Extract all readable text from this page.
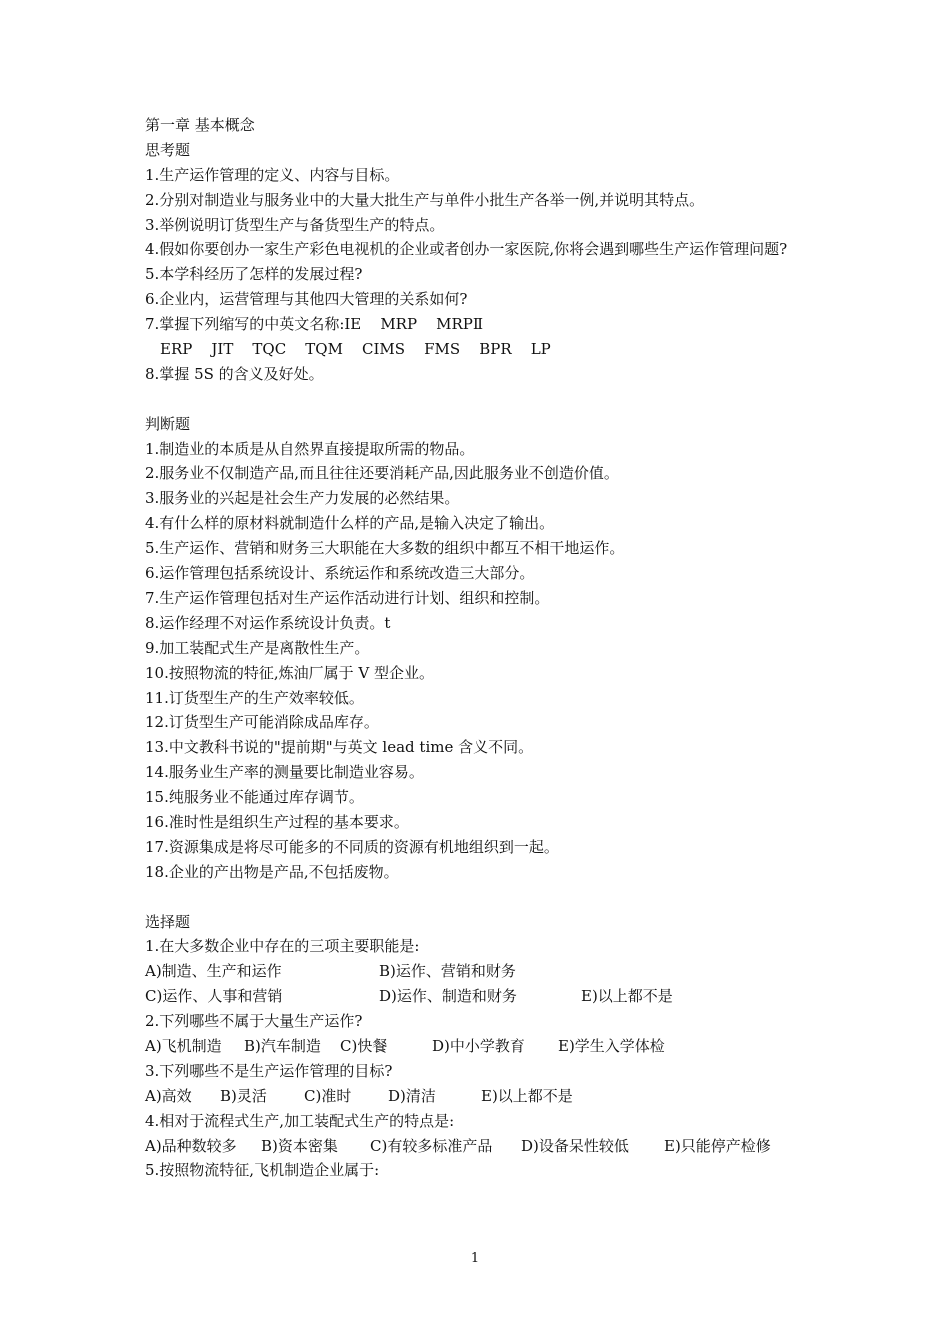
第一章 基本概念
思考题
1.生产运作管理的定义、内容与目标。
2.分别对制造业与服务业中的大量大批生产与单件小批生产各举一例,并说明其特点。
3.举例说明订货型生产与备货型生产的特点。
4.假如你要创办一家生产彩色电视机的企业或者创办一家医院,你将会遇到哪些生产运作管理问题?
5.本学科经历了怎样的发展过程?
6.企业内，运营管理与其他四大管理的关系如何?
7.掌握下列缩写的中英文名称:IE    MRP    MRPⅡ
ERP    JIT    TQC    TQM    CIMS    FMS    BPR    LP
8.掌握 5S 的含义及好处。
判断题
1.制造业的本质是从自然界直接提取所需的物品。
2.服务业不仅制造产品,而且往往还要消耗产品,因此服务业不创造价值。
3.服务业的兴起是社会生产力发展的必然结果。
4.有什么样的原材料就制造什么样的产品,是输入决定了输出。
5.生产运作、营销和财务三大职能在大多数的组织中都互不相干地运作。
6.运作管理包括系统设计、系统运作和系统改造三大部分。
7.生产运作管理包括对生产运作活动进行计划、组织和控制。
8.运作经理不对运作系统设计负责。t
9.加工装配式生产是离散性生产。
10.按照物流的特征,炼油厂属于 V 型企业。
11.订货型生产的生产效率较低。
12.订货型生产可能消除成品库存。
13.中文教科书说的"提前期"与英文 lead time 含义不同。
14.服务业生产率的测量要比制造业容易。
15.纯服务业不能通过库存调节。
16.准时性是组织生产过程的基本要求。
17.资源集成是将尽可能多的不同质的资源有机地组织到一起。
18.企业的产出物是产品,不包括废物。
选择题
1.在大多数企业中存在的三项主要职能是:
A)制造、生产和运作	B)运作、营销和财务
C)运作、人事和营销	D)运作、制造和财务	E)以上都不是
2.下列哪些不属于大量生产运作?
A)飞机制造	B)汽车制造	C)快餐	D)中小学教育	E)学生入学体检
3.下列哪些不是生产运作管理的目标?
A)高效	B)灵活	C)准时	D)清洁	E)以上都不是
4.相对于流程式生产,加工装配式生产的特点是:
A)品种数较多	B)资本密集	C)有较多标准产品	D)设备呆性较低	E)只能停产检修
5.按照物流特征,飞机制造企业属于:
1
